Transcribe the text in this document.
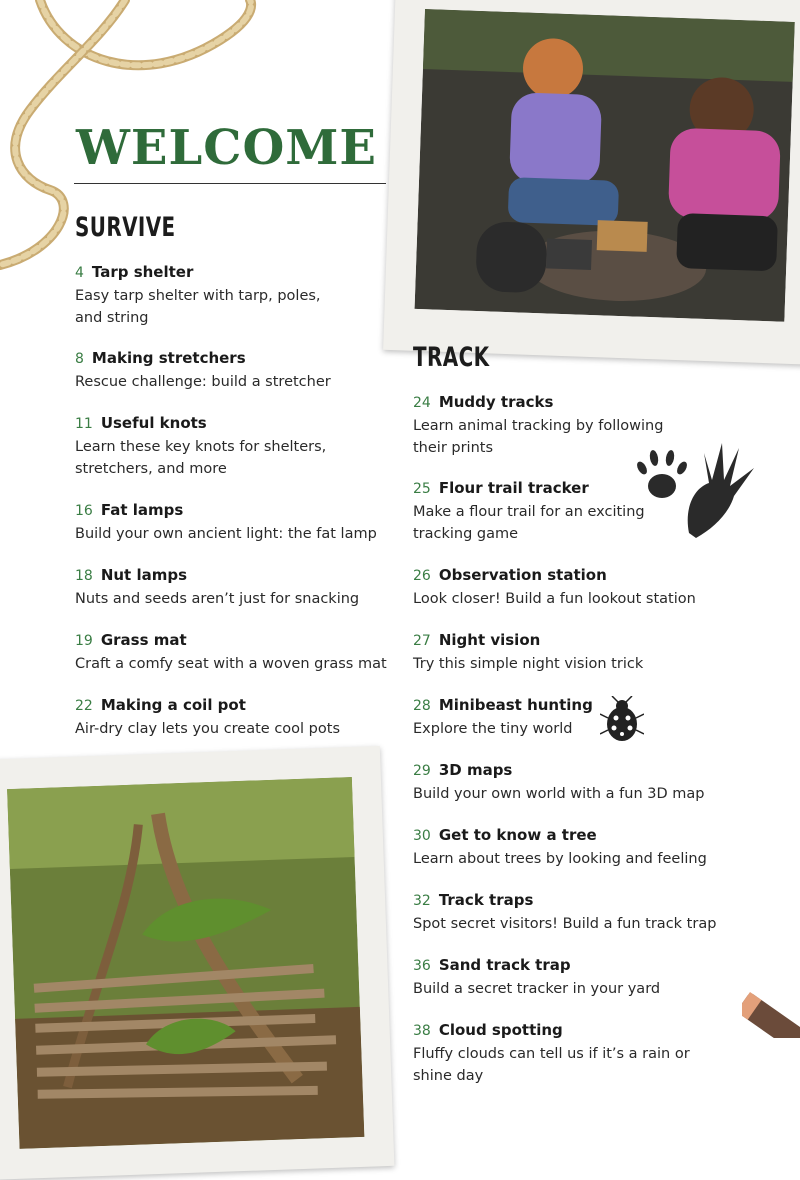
WELCOME
SURVIVE

4 Tarp shelter

Easy tarp shelter with tarp, poles,
and string

8 Making stretchers

Rescue challenge: build a stretcher

11 Useful knots

Learn these key knots for shelters,
stretchers, and more

16 Fat lamps

Build your own ancient light: the fat lamp

18 Nut lamps

Nuts and seeds aren’t just for snacking

19 Grass mat

Craft a comfy seat with a woven grass mat

22 Making a coil pot

Air-dry clay lets you create cool pots

TRACK

24 Muddy tracks

Learn animal tracking by following
their prints

25 Flour trail tracker

Make a flour trail for an exciting
tracking game

26 Observation station

Look closer! Build a fun lookout station

27 Night vision

Try this simple night vision trick

28 Minibeast hunting

Explore the tiny world

29 3D maps

Build your own world with a fun 3D map

30 Get to know a tree

Learn about trees by looking and feeling

32 Track traps

Spot secret visitors! Build a fun track trap

36 Sand track trap

Build a secret tracker in your yard

38 Cloud spotting

Fluffy clouds can tell us if it’s a rain or
shine day
